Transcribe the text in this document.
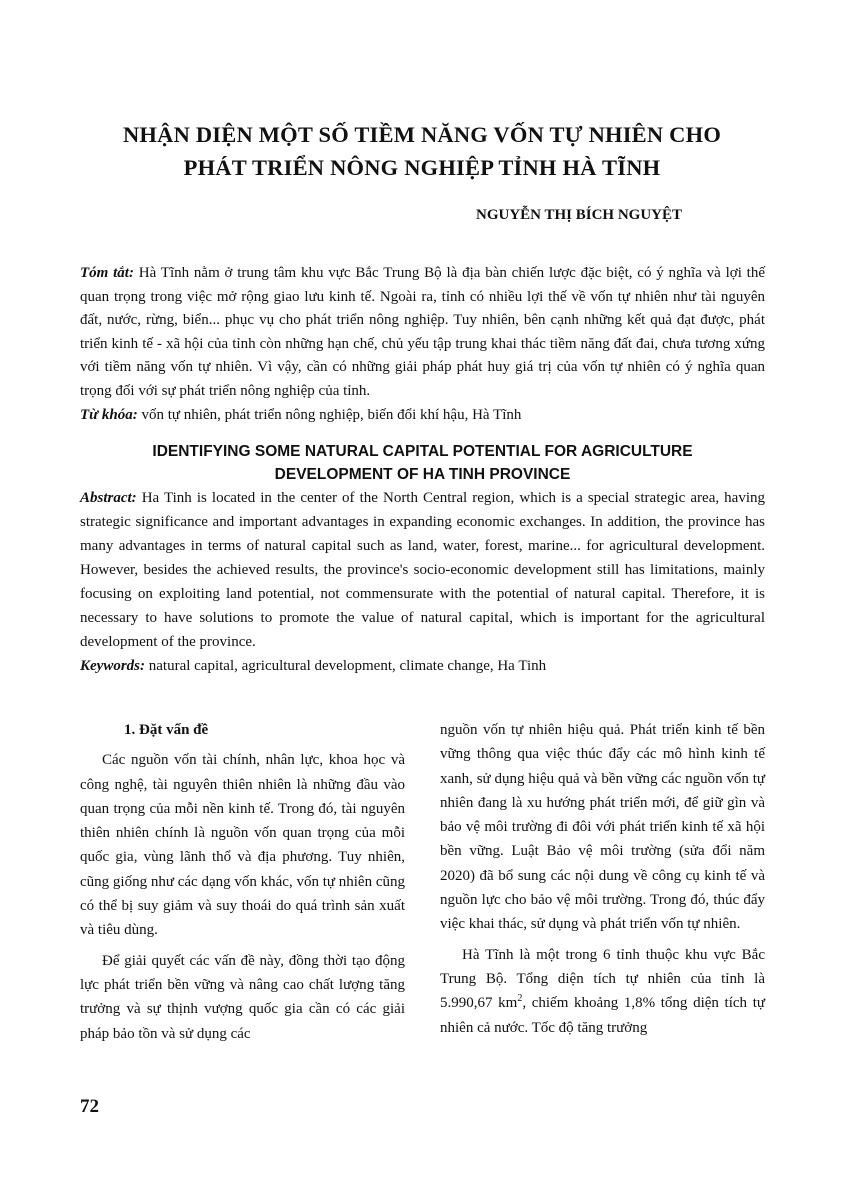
NHẬN DIỆN MỘT SỐ TIỀM NĂNG VỐN TỰ NHIÊN CHO
PHÁT TRIỂN NÔNG NGHIỆP TỈNH HÀ TĨNH
NGUYỄN THỊ BÍCH NGUYỆT
Tóm tắt: Hà Tĩnh nằm ở trung tâm khu vực Bắc Trung Bộ là địa bàn chiến lược đặc biệt, có ý nghĩa và lợi thế quan trọng trong việc mở rộng giao lưu kinh tế. Ngoài ra, tỉnh có nhiều lợi thế về vốn tự nhiên như tài nguyên đất, nước, rừng, biển... phục vụ cho phát triển nông nghiệp. Tuy nhiên, bên cạnh những kết quả đạt được, phát triển kinh tế - xã hội của tỉnh còn những hạn chế, chủ yếu tập trung khai thác tiềm năng đất đai, chưa tương xứng với tiềm năng vốn tự nhiên. Vì vậy, cần có những giải pháp phát huy giá trị của vốn tự nhiên có ý nghĩa quan trọng đối với sự phát triển nông nghiệp của tỉnh.
Từ khóa: vốn tự nhiên, phát triển nông nghiệp, biến đổi khí hậu, Hà Tĩnh
IDENTIFYING SOME NATURAL CAPITAL POTENTIAL FOR AGRICULTURE
DEVELOPMENT OF HA TINH PROVINCE
Abstract: Ha Tinh is located in the center of the North Central region, which is a special strategic area, having strategic significance and important advantages in expanding economic exchanges. In addition, the province has many advantages in terms of natural capital such as land, water, forest, marine... for agricultural development. However, besides the achieved results, the province's socio-economic development still has limitations, mainly focusing on exploiting land potential, not commensurate with the potential of natural capital. Therefore, it is necessary to have solutions to promote the value of natural capital, which is important for the agricultural development of the province.
Keywords: natural capital, agricultural development, climate change, Ha Tinh

1. Đặt vấn đề

Các nguồn vốn tài chính, nhân lực, khoa học và công nghệ, tài nguyên thiên nhiên là những đầu vào quan trọng của mỗi nền kinh tế. Trong đó, tài nguyên thiên nhiên chính là nguồn vốn quan trọng của mỗi quốc gia, vùng lãnh thổ và địa phương. Tuy nhiên, cũng giống như các dạng vốn khác, vốn tự nhiên cũng có thể bị suy giảm và suy thoái do quá trình sản xuất và tiêu dùng.

Để giải quyết các vấn đề này, đồng thời tạo động lực phát triển bền vững và nâng cao chất lượng tăng trưởng và sự thịnh vượng quốc gia cần có các giải pháp bảo tồn và sử dụng các

nguồn vốn tự nhiên hiệu quả. Phát triển kinh tế bền vững thông qua việc thúc đẩy các mô hình kinh tế xanh, sử dụng hiệu quả và bền vững các nguồn vốn tự nhiên đang là xu hướng phát triển mới, để giữ gìn và bảo vệ môi trường đi đôi với phát triển kinh tế xã hội bền vững. Luật Bảo vệ môi trường (sửa đổi năm 2020) đã bổ sung các nội dung về công cụ kinh tế và nguồn lực cho bảo vệ môi trường. Trong đó, thúc đẩy việc khai thác, sử dụng và phát triển vốn tự nhiên.

Hà Tĩnh là một trong 6 tỉnh thuộc khu vực Bắc Trung Bộ. Tổng diện tích tự nhiên của tỉnh là 5.990,67 $km^2$, chiếm khoảng 1,8% tổng diện tích tự nhiên cả nước. Tốc độ tăng trưởng

72
